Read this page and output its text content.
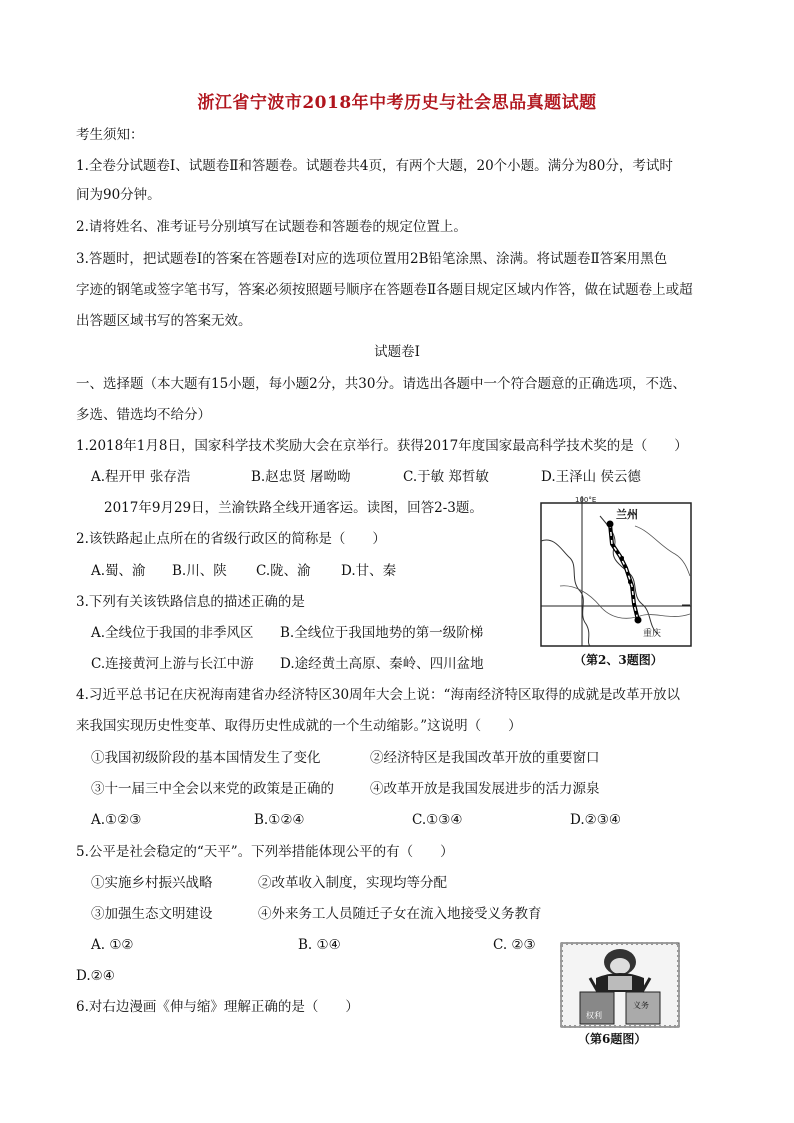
浙江省宁波市2018年中考历史与社会思品真题试题
考生须知：
1.全卷分试题卷Ⅰ、试题卷Ⅱ和答题卷。试题卷共4页，有两个大题，20个小题。满分为80分，考试时
间为90分钟。
2.请将姓名、准考证号分别填写在试题卷和答题卷的规定位置上。
3.答题时，把试题卷Ⅰ的答案在答题卷Ⅰ对应的选项位置用2B铅笔涂黑、涂满。将试题卷Ⅱ答案用黑色
字迹的钢笔或签字笔书写，答案必须按照题号顺序在答题卷Ⅱ各题目规定区域内作答，做在试题卷上或超
出答题区域书写的答案无效。
试题卷Ⅰ
一、选择题（本大题有15小题，每小题2分，共30分。请选出各题中一个符合题意的正确选项，不选、
多选、错选均不给分）
1.2018年1月8日，国家科学技术奖励大会在京举行。获得2017年度国家最高科学技术奖的是（　　）
A.程开甲 张存浩	B.赵忠贤 屠呦呦	C.于敏 郑哲敏	D.王泽山 侯云德
2017年9月29日，兰渝铁路全线开通客运。读图，回答2-3题。
2.该铁路起止点所在的省级行政区的简称是（　　）
A.蜀、渝 B.川、陕 C.陇、渝 D.甘、秦
3.下列有关该铁路信息的描述正确的是
A.全线位于我国的非季风区 B.全线位于我国地势的第一级阶梯
C.连接黄河上游与长江中游 D.途经黄土高原、秦岭、四川盆地
100°E
兰州
重庆
（第2、3题图）
4.习近平总书记在庆祝海南建省办经济特区30周年大会上说：“海南经济特区取得的成就是改革开放以
来我国实现历史性变革、取得历史性成就的一个生动缩影。”这说明（　　）
①我国初级阶段的基本国情发生了变化	②经济特区是我国改革开放的重要窗口
③十一届三中全会以来党的政策是正确的	④改革开放是我国发展进步的活力源泉
A.①②③	B.①②④	C.①③④	D.②③④
5.公平是社会稳定的“天平”。下列举措能体现公平的有（　　）
①实施乡村振兴战略	②改革收入制度，实现均等分配
③加强生态文明建设	④外来务工人员随迁子女在流入地接受义务教育
A. ①②	B. ①④	C. ②③
D.②④
6.对右边漫画《伸与缩》理解正确的是（　　）
权利
义务
（第6题图）
